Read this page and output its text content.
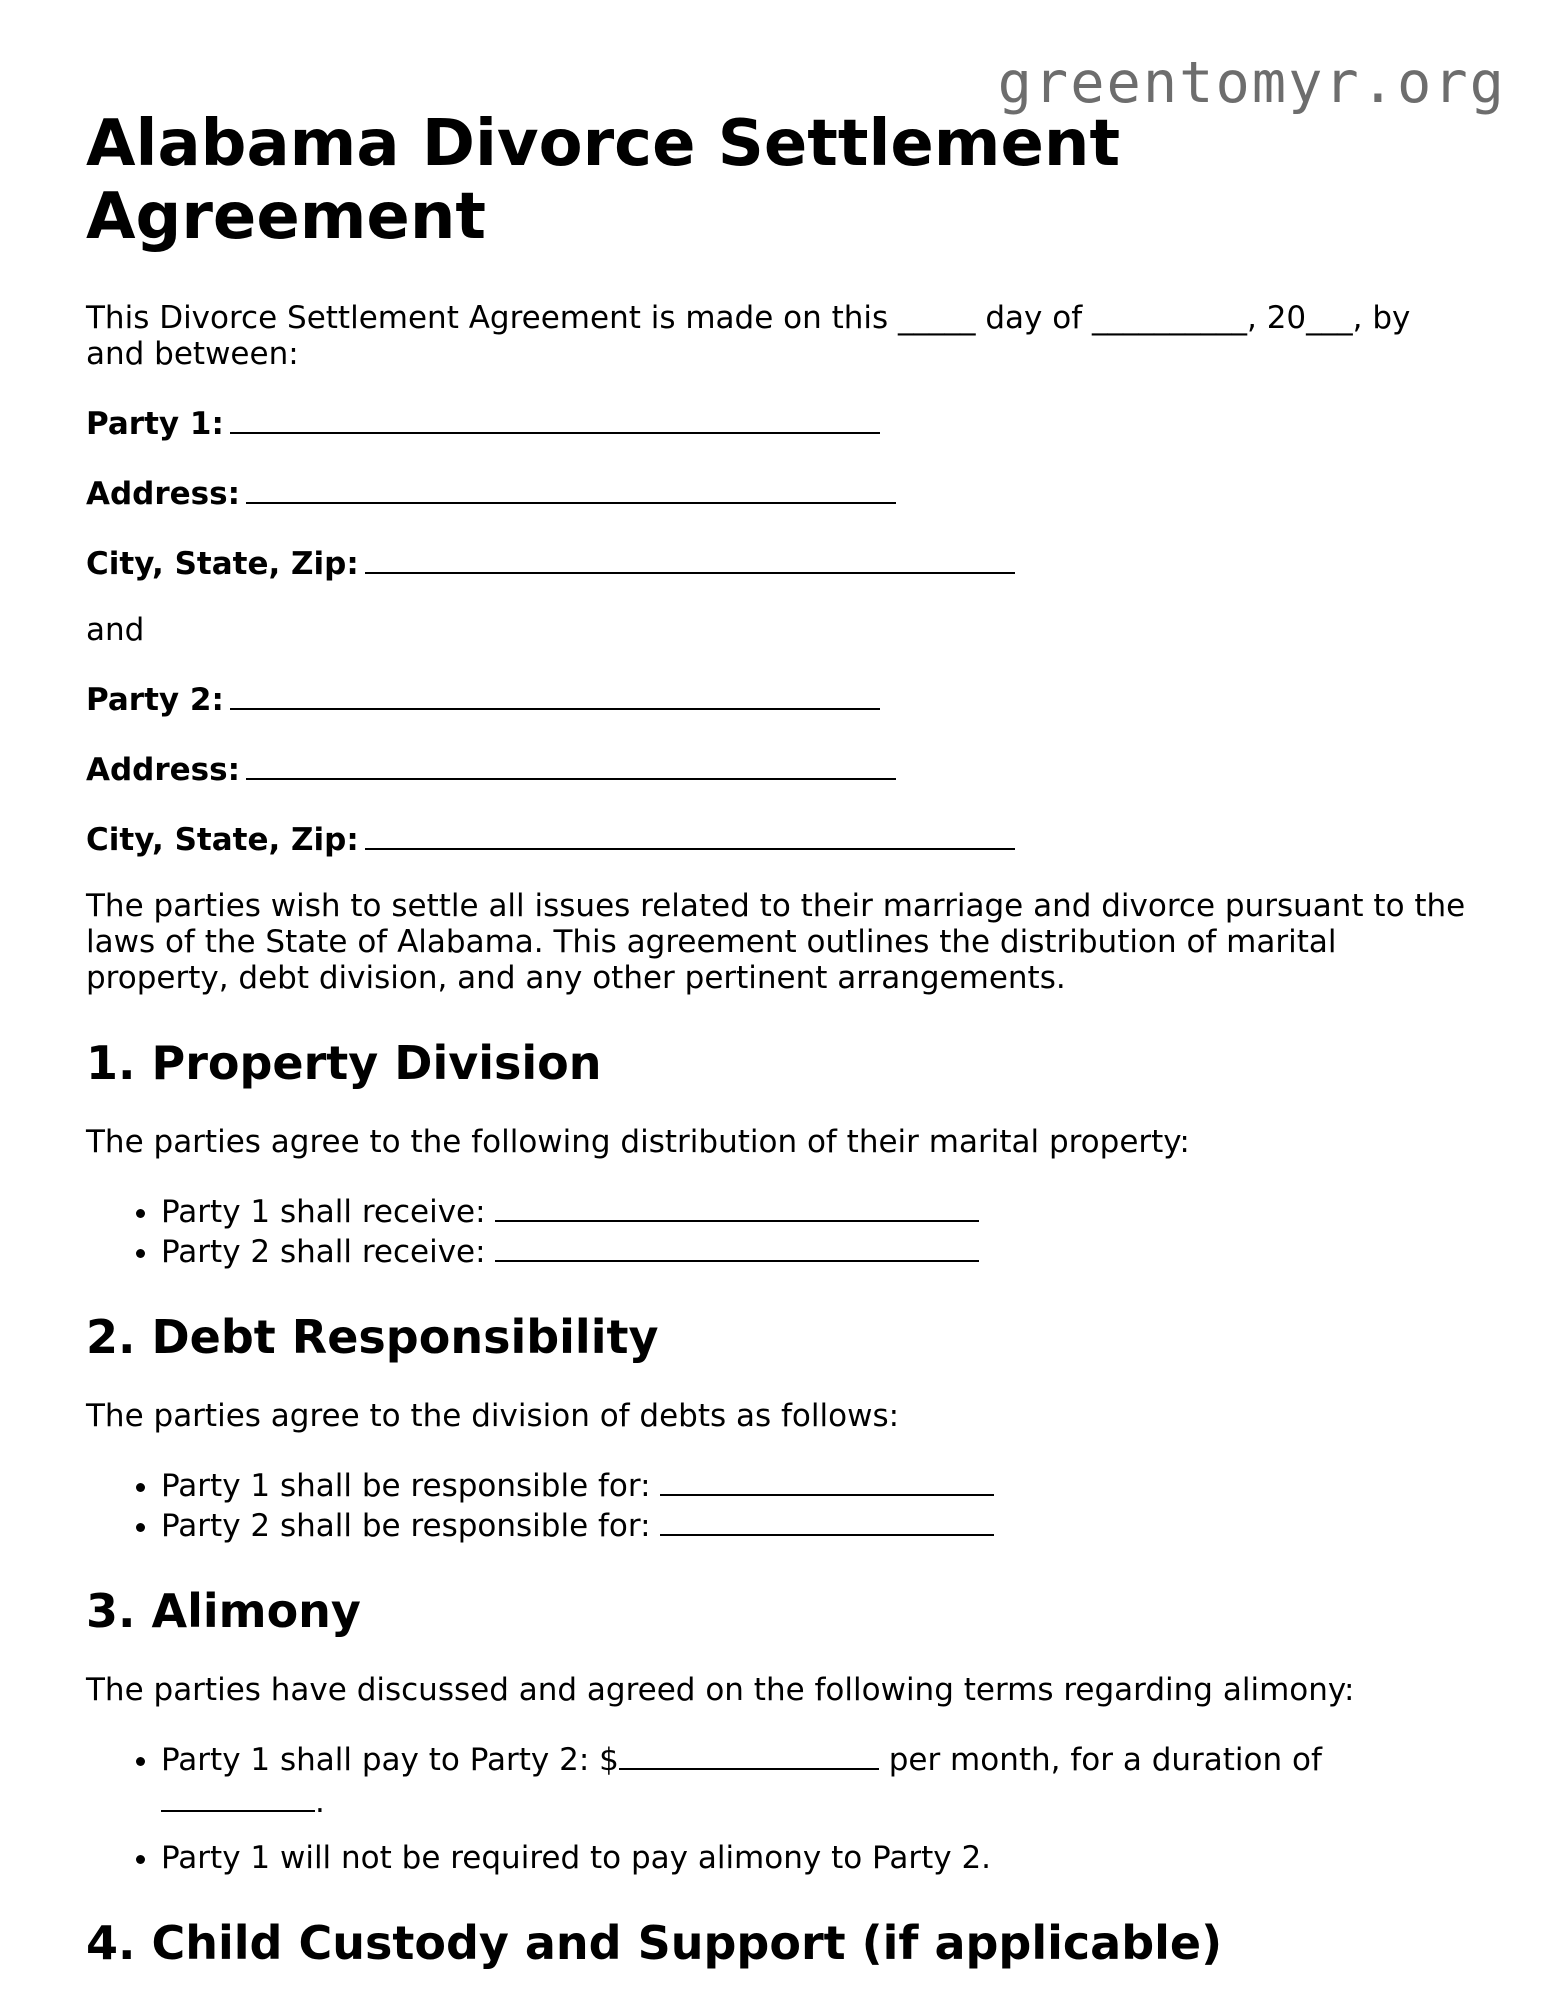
greentomyr.org
Alabama Divorce Settlement Agreement

This Divorce Settlement Agreement is made on this _____ day of __________, 20___, by and between:

Party 1:
Address:
City, State, Zip:

and

Party 2:
Address:
City, State, Zip:

The parties wish to settle all issues related to their marriage and divorce pursuant to the laws of the State of Alabama. This agreement outlines the distribution of marital property, debt division, and any other pertinent arrangements.

1. Property Division

The parties agree to the following distribution of their marital property:

• Party 1 shall receive:
• Party 2 shall receive:
2. Debt Responsibility

The parties agree to the division of debts as follows:

• Party 1 shall be responsible for:
• Party 2 shall be responsible for:
3. Alimony

The parties have discussed and agreed on the following terms regarding alimony:

• Party 1 shall pay to Party 2: $	per month, for a duration of .
• Party 1 will not be required to pay alimony to Party 2.
4. Child Custody and Support (if applicable)
